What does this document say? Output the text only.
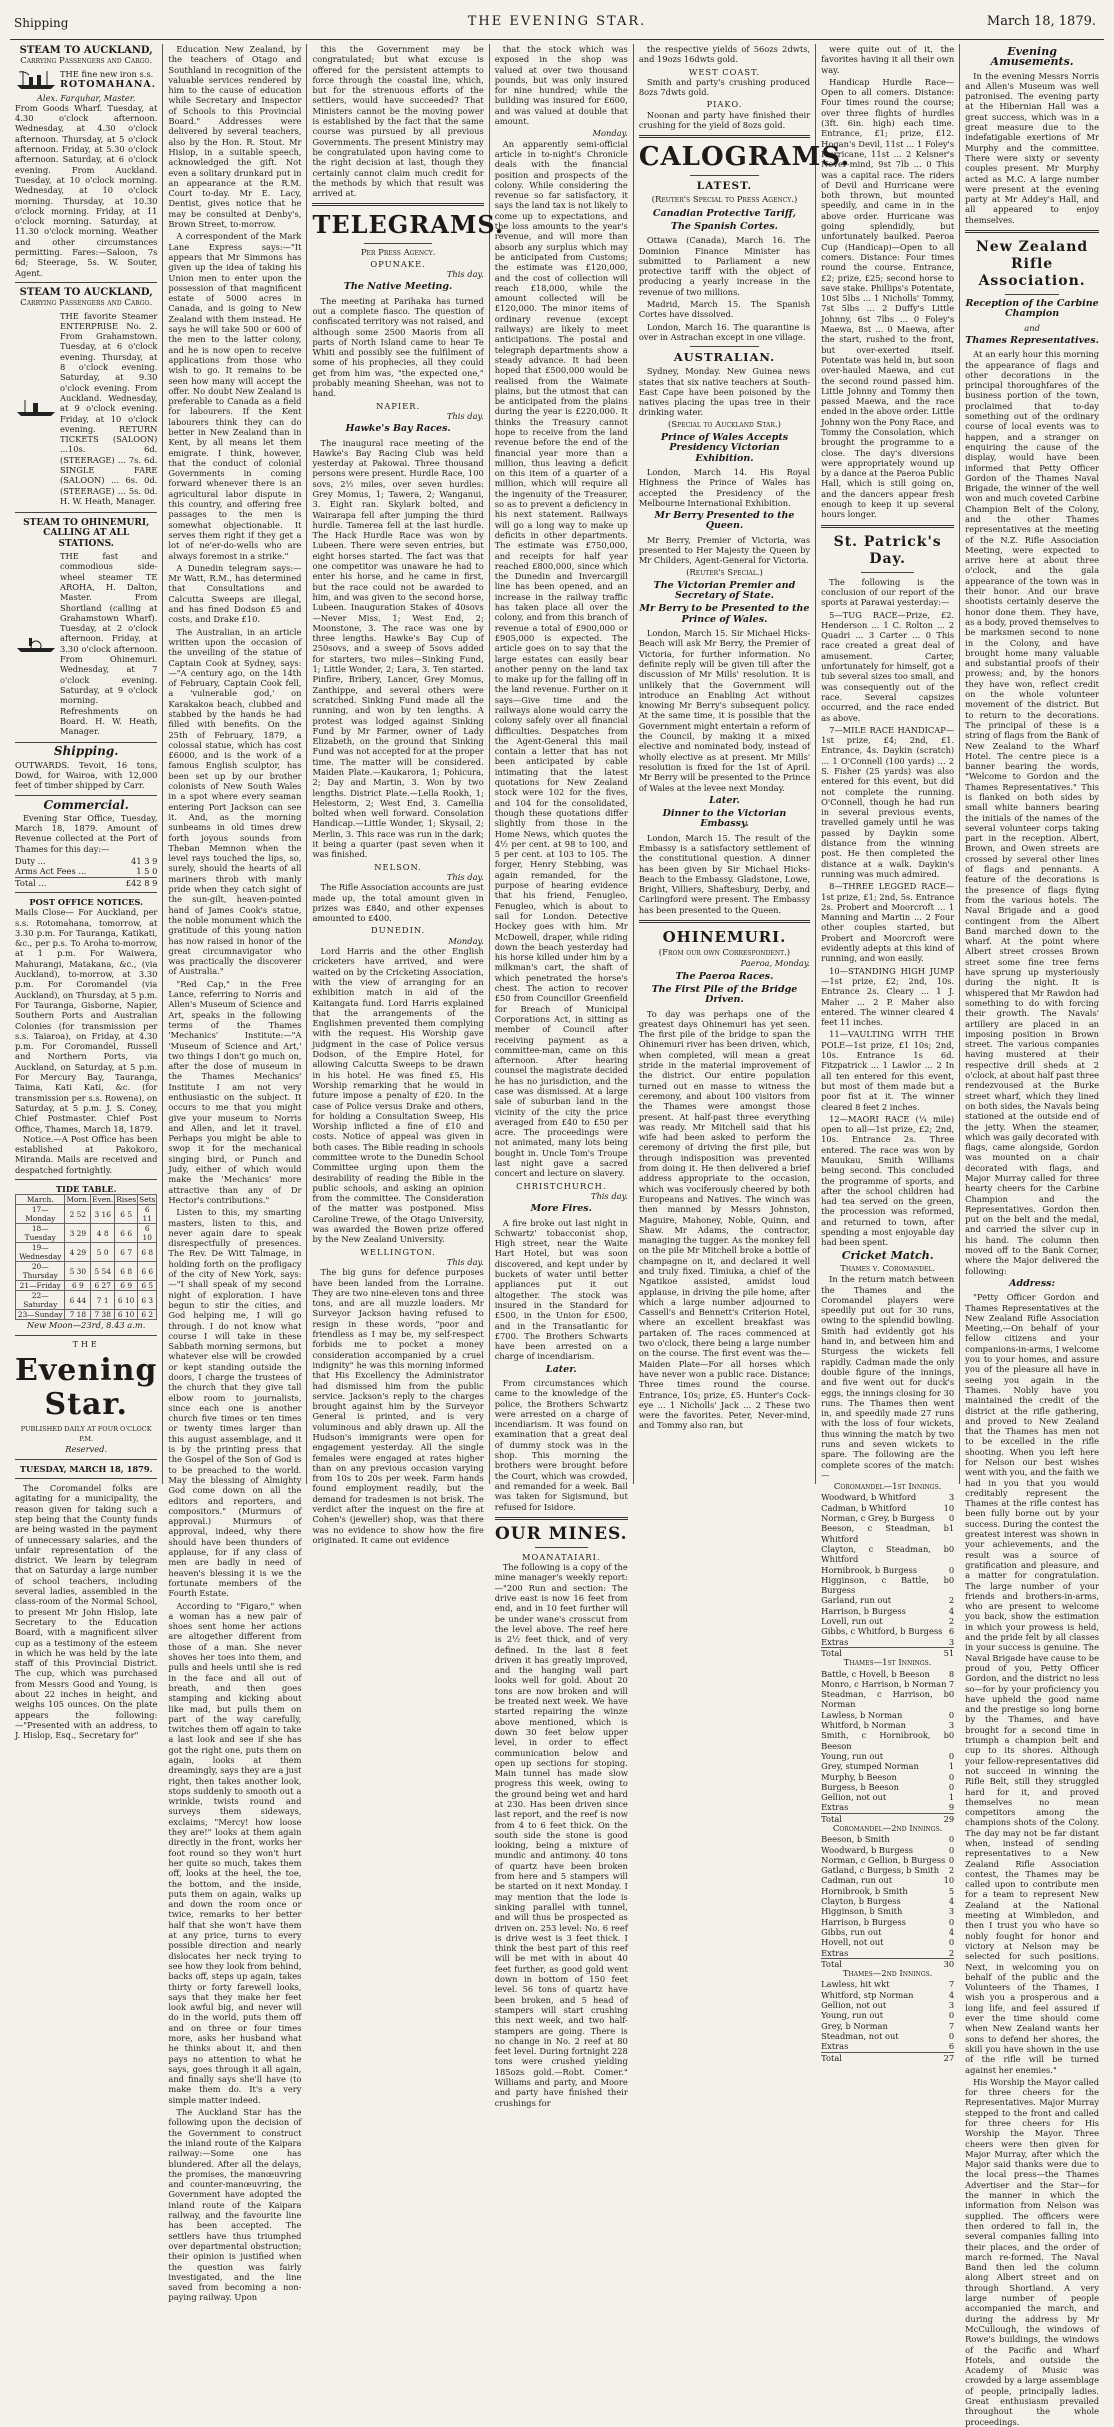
Shipping	THE EVENING STAR.	March 18, 1879.
STEAM TO AUCKLAND,
Carrying Passengers and Cargo.
THE fine new iron s.s.
ROTOMAHANA.
Alex. Farquhar, Master.
From Goods Wharf. Tuesday, at 4.30 o'clock afternoon. Wednesday, at 4.30 o'clock afternoon. Thursday, at 5 o'clock afternoon. Friday, at 5.30 o'clock afternoon. Saturday, at 6 o'clock evening. From Auckland. Tuesday, at 10 o'clock morning. Wednesday, at 10 o'clock morning. Thursday, at 10.30 o'clock morning. Friday, at 11 o'clock morning. Saturday, at 11.30 o'clock morning. Weather and other circumstances permitting. Fares:—Saloon, 7s 6d; Steerage, 5s. W. Souter, Agent.
STEAM TO AUCKLAND,
Carrying Passengers and Cargo.
THE favorite Steamer ENTERPRISE No. 2. From Grahamstown. Tuesday, at 6 o'clock evening. Thursday, at 8 o'clock evening. Saturday, at 9.30 o'clock evening. From Auckland. Wednesday, at 9 o'clock evening. Friday, at 10 o'clock evening. RETURN TICKETS (SALOON) ...10s. 6d. (STEERAGE) ... 7s. 6d. SINGLE FARE (SALOON) ... 6s. 0d. (STEERAGE) ... 5s. 0d. H. W. Heath, Manager.
STEAM TO OHINEMURI, CALLING AT ALL STATIONS.
THE fast and commodious side-wheel steamer TE AROHA, H. Dalton, Master. From Shortland (calling at Grahamstown Wharf). Tuesday, at 2 o'clock afternoon. Friday, at 3.30 o'clock afternoon. From Ohinemuri. Wednesday, at 7 o'clock evening. Saturday, at 9 o'clock morning. Refreshments on Board. H. W. Heath, Manager.
Shipping.
OUTWARDS. Tevoit, 16 tons, Dowd, for Wairoa, with 12,000 feet of timber shipped by Carr.
Commercial.

Evening Star Office, Tuesday, March 18, 1879. Amount of Revenue collected at the Port of Thames for this day:—

Duty ...	41 3 9
Arms Act Fees ...	1 5 0
Total ...	£42 8 9
POST OFFICE NOTICES.
Mails Close— For Auckland, per s.s. Rotomahana, tomorrow, at 3.30 p.m. For Tauranga, Katikati, &c., per p.s. To Aroha to-morrow, at 1 p.m. For Waiwera, Mahurangi, Matakana, &c., (via Auckland), to-morrow, at 3.30 p.m. For Coromandel (via Auckland), on Thursday, at 5 p.m. For Tauranga, Gisborne, Napier, Southern Ports and Australian Colonies (for transmission per s.s. Taiaroa), on Friday, at 4.30 p.m. For Coromandel, Russell and Northern Ports, via Auckland, on Saturday, at 5 p.m. For Mercury Bay, Tauranga, Taima, Kati Kati, &c. (for transmission per s.s. Rowena), on Saturday, at 5 p.m. J. S. Coney, Chief Postmaster. Chief Post Office, Thames, March 18, 1879.

Notice.—A Post Office has been established at Pakokoro, Miranda. Mails are received and despatched fortnightly.

TIDE TABLE.
March.	Morn.	Even.	Rises	Sets
17—Monday	2 52	3 16	6 5	6 11
18—Tuesday	3 29	4 8	6 6	6 10
19—Wednesday	4 29	5 0	6 7	6 8
20—Thursday	5 30	5 54	6 8	6 6
21—Friday	6 9	6 27	6 9	6 5
22—Saturday	6 44	7 1	6 10	6 3
23—Sunday	7 18	7 38	6 10	6 2
New Moon—23rd, 8.43 a.m.
THE
Evening Star.
PUBLISHED DAILY AT FOUR O'CLOCK P.M.
Reserved.
TUESDAY, MARCH 18, 1879.

The Coromandel folks are agitating for a municipality, the reason given for taking such a step being that the County funds are being wasted in the payment of unnecessary salaries, and the unfair representation of the district. We learn by telegram that on Saturday a large number of school teachers, including several ladies, assembled in the class-room of the Normal School, to present Mr John Hislop, late Secretary to the Education Board, with a magnificent silver cup as a testimony of the esteem in which he was held by the late staff of this Provincial District. The cup, which was purchased from Messrs Good and Young, is about 22 inches in height, and weighs 105 ounces. On the plate appears the following:—"Presented with an address, to J. Hislop, Esq., Secretary for"

Education New Zealand, by the teachers of Otago and Southland in recognition of the valuable services rendered by him to the cause of education while Secretary and Inspector of Schools to this Provincial Board." Addresses were delivered by several teachers, also by the Hon. R. Stout. Mr Hislop, in a suitable speech, acknowledged the gift. Not even a solitary drunkard put in an appearance at the R.M. Court to-day. Mr E. Lacy, Dentist, gives notice that he may be consulted at Denby's, Brown Street, to-morrow.

A correspondent of the Mark Lane Express says:—"It appears that Mr Simmons has given up the idea of taking his Union men to enter upon the possession of that magnificent estate of 5000 acres in Canada, and is going to New Zealand with them instead. He says he will take 500 or 600 of the men to the latter colony, and he is now open to receive applications from those who wish to go. It remains to be seen how many will accept the offer. No doubt New Zealand is preferable to Canada as a field for labourers. If the Kent labourers think they can do better in New Zealand than in Kent, by all means let them emigrate. I think, however, that the conduct of colonial Governments in coming forward whenever there is an agricultural labor dispute in this country, and offering free passages to the men is somewhat objectionable. It serves them right if they get a lot of ne'er-do-wells who are always foremost in a strike."

A Dunedin telegram says:—Mr Watt, R.M., has determined that Consultations and Calcutta Sweeps are illegal, and has fined Dodson £5 and costs, and Drake £10.

The Australian, in an article written upon the occasion of the unveiling of the statue of Captain Cook at Sydney, says:—"A century ago, on the 14th of February, Captain Cook fell, a 'vulnerable god,' on Karakakoa beach, clubbed and stabbed by the hands he had filled with benefits. On the 25th of February, 1879, a colossal statue, which has cost £6000, and is the work of a famous English sculptor, has been set up by our brother colonists of New South Wales in a spot where every seaman entering Port Jackson can see it. And, as the morning sunbeams in old times drew forth joyous sounds from Theban Memnon when the level rays touched the lips, so, surely, should the hearts of all mariners throb with manly pride when they catch sight of the sun-gilt, heaven-pointed hand of James Cook's statue, the noble monument which the gratitude of this young nation has now raised in honor of the great circumnavigator who was practically the discoverer of Australia."

"Red Cap," in the Free Lance, referring to Norris and Allen's Museum of Science and Art, speaks in the following terms of the Thames 'Mechanics' Institute:—"A 'Museum of Science and Art,' two things I don't go much on, after the dose of museum in the Thames Mechanics' Institute I am not very enthusiastic on the subject. It occurs to me that you might give your museum to Norris and Allen, and let it travel. Perhaps you might be able to swop it for the mechanical singing bird, or Punch and Judy, either of which would make the 'Mechanics' more attractive than any of Dr Hector's contributions."

Listen to this, my smarting masters, listen to this, and never again dare to speak disrespectfully of presences. The Rev. De Witt Talmage, in holding forth on the profligacy of the city of New York, says:—"I shall speak of my second night of exploration. I have begun to stir the cities, and God helping me, I will go through. I do not know what course I will take in these Sabbath morning sermons, but whatever else will be crowded or kept standing outside the doors, I charge the trustees of the church that they give tall elbow room to journalists, since each one is another church five times or ten times or twenty times larger than this august assemblage, and it is by the printing press that the Gospel of the Son of God is to be preached to the world. May the blessing of Almighty God come down on all the editors and reporters, and compositors." (Murmurs of approval.) Murmurs of approval, indeed, why there should have been thunders of applause, for if any class of men are badly in need of heaven's blessing it is we the fortunate members of the Fourth Estate.

According to "Figaro," when a woman has a new pair of shoes sent home her actions are altogether different from those of a man. She never shoves her toes into them, and pulls and heels until she is red in the face and all out of breath, and then goes stamping and kicking about like mad, but pulls them on part of the way carefully, twitches them off again to take a last look and see if she has got the right one, puts them on again, looks at them dreamingly, says they are a just right, then takes another look, stops suddenly to smooth out a wrinkle, twists round and surveys them sideways, exclaims, "Mercy! how loose they are!" looks at them again directly in the front, works her foot round so they won't hurt her quite so much, takes them off, looks at the heel, the toe, the bottom, and the inside, puts them on again, walks up and down the room once or twice, remarks to her better half that she won't have them at any price, turns to every possible direction and nearly dislocates her neck trying to see how they look from behind, backs off, steps up again, takes thirty or forty farewell looks, says that they make her feet look awful big, and never will do in the world, puts them off and on three or four times more, asks her husband what he thinks about it, and then pays no attention to what he says, goes through it all again, and finally says she'll have (to make them do. It's a very simple matter indeed.

The Auckland Star has the following upon the decision of the Government to construct the inland route of the Kaipara railway:—Some one has blundered. After all the delays, the promises, the manœuvring and counter-manœuvring, the Government have adopted the inland route of the Kaipara railway, and the favourite line has been accepted. The settlers have thus triumphed over departmental obstruction; their opinion is justified when the question was fairly investigated, and the line saved from becoming a non-paying railway. Upon

this the Government may be congratulated; but what excuse is offered for the persistent attempts to force through the coastal line, which, but for the strenuous efforts of the settlers, would have succeeded? That Ministers cannot be the moving power is established by the fact that the same course was pursued by all previous Governments. The present Ministry may be congratulated upon having come to the right decision at last, though they certainly cannot claim much credit for the methods by which that result was arrived at.

TELEGRAMS.
Per Press Agency.
OPUNAKE.
This day.
The Native Meeting.

The meeting at Parihaka has turned out a complete fiasco. The question of confiscated territory was not raised, and although some 2500 Maoris from all parts of North Island came to hear Te Whiti and possibly see the fulfilment of some of his prophecies, all they could get from him was, "the expected one," probably meaning Sheehan, was not to hand.

NAPIER.
This day.
Hawke's Bay Races.

The inaugural race meeting of the Hawke's Bay Racing Club was held yesterday at Pakowai. Three thousand persons were present. Hurdle Race, 100 sovs, 2½ miles, over seven hurdles: Grey Momus, 1; Tawera, 2; Wanganui, 3. Eight ran. Skylark bolted, and Wairarapa fell after jumping the third hurdle. Tamerea fell at the last hurdle. The Hack Hurdle Race was won by Lubeen. There were seven entries, but eight horses started. The fact was that one competitor was unaware he had to enter his horse, and he came in first, but the race could not be awarded to him, and was given to the second horse, Lubeen. Inauguration Stakes of 40sovs—Never Miss, 1; West End, 2; Moonstone, 3. The race was one by three lengths. Hawke's Bay Cup of 250sovs, and a sweep of 5sovs added for starters, two miles—Sinking Fund, 1; Little Wonder, 2; Lara, 3. Ten started. Pinfire, Bribery, Lancer, Grey Momus, Zanthippe, and several others were scratched. Sinking Fund made all the running, and won by ten lengths. A protest was lodged against Sinking Fund by Mr Farmer, owner of Lady Elizabeth, on the ground that Sinking Fund was not accepted for at the proper time. The matter will be considered. Maiden Plate.—Kaukarora, 1; Pohicura, 2; Day and Martin, 3. Won by two lengths. District Plate.—Lella Rookh, 1; Helestorm, 2; West End, 3. Camellia bolted when well forward. Consolation Handicap.—Little Wonder, 1; Skysail, 2; Merlin, 3. This race was run in the dark; it being a quarter (past seven when it was finished.

NELSON.
This day.

The Rifle Association accounts are just made up, the total amount given in prizes was £840, and other expenses amounted to £400.

DUNEDIN.
Monday.

Lord Harris and the other English cricketers have arrived, and were waited on by the Cricketing Association, with the view of arranging for an exhibition match in aid of the Kaitangata fund. Lord Harris explained that the arrangements of the Englishmen prevented them complying with the request. His Worship gave judgment in the case of Police versus Dodson, of the Empire Hotel, for allowing Calcutta Sweeps to be drawn in his hotel. He was fined £5, His Worship remarking that he would in future impose a penalty of £20. In the case of Police versus Drake and others, for holding a Consultation Sweep, His Worship inflicted a fine of £10 and costs. Notice of appeal was given in both cases. The Bible reading in schools committee wrote to the Dunedin School Committee urging upon them the desirability of reading the Bible in the public schools, and asking an opinion from the committee. The Consideration of the matter was postponed. Miss Caroline Trewe, of the Otago University, was awarded the Bowen prize offered by the New Zealand University.

WELLINGTON.
This day.

The big guns for defence purposes have been landed from the Lorraine. They are two nine-eleven tons and three tons, and are all muzzle loaders. Mr Surveyor Jackson having refused to resign in these words, "poor and friendless as I may be, my self-respect forbids me to pocket a money consideration accompanied by a cruel indignity" he was this morning informed that His Excellency the Administrator had dismissed him from the public service. Jackson's reply to the charges brought against him by the Surveyor General is printed, and is very voluminous and ably drawn up. All the Hudson's immigrants were open for engagement yesterday. All the single females were engaged at rates higher than on any previous occasion varying from 10s to 20s per week. Farm hands found employment readily, but the demand for tradesmen is not brisk. The verdict after the inquest on the fire at Cohen's (jeweller) shop, was that there was no evidence to show how the fire originated. It came out evidence

that the stock which was exposed in the shop was valued at over two thousand pounds, but was only insured for nine hundred; while the building was insured for £600, and was valued at double that amount.

Monday.

An apparently semi-official article in to-night's Chronicle deals with the financial position and prospects of the colony. While considering the revenue so far satisfactory, it says the land tax is not likely to come up to expectations, and the loss amounts to the year's revenue, and will more than absorb any surplus which may be anticipated from Customs; the estimate was £120,000, and the cost of collection will reach £18,000, while the amount collected will be £120,000. The minor items of ordinary revenue (except railways) are likely to meet anticipations. The postal and telegraph departments show a steady advance. It had been hoped that £500,000 would be realised from the Waimate plains, but the utmost that can be anticipated from the plains during the year is £220,000. It thinks the Treasury cannot hope to receive from the land revenue before the end of the financial year more than a million, thus leaving a deficit on this item of a quarter of a million, which will require all the ingenuity of the Treasurer, so as to prevent a deficiency in his next statement. Railways will go a long way to make up deficits in other departments. The estimate was £750,000, and receipts for half year reached £800,000, since which the Dunedin and Invercargill line has been opened, and an increase in the railway traffic has taken place all over the colony, and from this branch of revenue a total of £900,000 or £905,000 is expected. The article goes on to say that the large estates can easily bear another penny on the land tax to make up for the falling off in the land revenue. Further on it says—Give time and the railways alone would carry the colony safely over all financial difficulties. Despatches from the Agent-General this mail contain a letter that has not been anticipated by cable intimating that the latest quotations for New Zealand stock were 102 for the fives, and 104 for the consolidated, though these quotations differ slightly from those in the Home News, which quotes the 4½ per cent. at 98 to 100, and 5 per cent. at 103 to 105. The forger, Henry Stebbing, was again remanded, for the purpose of hearing evidence that his friend, Fenugleo, Fenugleo, which is about to sail for London. Detective Hockey goes with him. Mr McDowell, draper, while riding down the beach yesterday had his horse killed under him by a milkman's cart, the shaft of which penetrated the horse's chest. The action to recover £50 from Councillor Greenfield for Breach of Municipal Corporations Act, in sitting as member of Council after receiving payment as a committee-man, came on this afternoon. After hearing counsel the magistrate decided he has no jurisdiction, and the case was dismissed. At a large sale of suburban land in the vicinity of the city the price averaged from £40 to £50 per acre. The proceedings were not animated, many lots being bought in. Uncle Tom's Troupe last night gave a sacred concert and lecture on slavery.

CHRISTCHURCH.
This day.
More Fires.

A fire broke out last night in Schwartz' tobacconist shop, High street, near the Waite Hart Hotel, but was soon discovered, and kept under by buckets of water until better appliances put it out altogether. The stock was insured in the Standard for £500, in the Union for £500, and in the Transatlantic for £700. The Brothers Schwarts have been arrested on a charge of incendiarism.

Later.

From circumstances which came to the knowledge of the police, the Brothers Schwartz were arrested on a charge of incendiarism. It was found on examination that a great deal of dummy stock was in the shop. This morning the brothers were brought before the Court, which was crowded, and remanded for a week. Bail was taken for Sigismund, but refused for Isidore.

OUR MINES.
MOANATAIARI.

The following is a copy of the mine manager's weekly report:—"200 Run and section: The drive east is now 16 feet from end, and in 10 feet further will be under wane's crosscut from the level above. The reef here is 2½ feet thick, and of very defined. In the last 8 feet driven it has greatly improved, and the hanging wall part looks well for gold. About 20 tons are now broken and will be treated next week. We have started repairing the winze above mentioned, which is down 30 feet below upper level, in order to effect communication below and open up sections for stoping. Main tunnel has made slow progress this week, owing to the ground being wet and hard at 230. Has been driven since last report, and the reef is now from 4 to 6 feet thick. On the south side the stone is good looking, being a mixture of mundic and antimony. 40 tons of quartz have been broken from here and 5 stampers will be started on it next Monday. I may mention that the lode is sinking parallel with tunnel, and will thus be prospected as driven on. 253 level: No. 6 reef is drive west is 3 feet thick. I think the best part of this reef will be met with in about 40 feet further, as good gold went down in bottom of 150 feet level. 56 tons of quartz have been broken, and 5 head of stampers will start crushing this next week, and two half-stampers are going. There is no change in No. 2 reef at 80 feet level. During fortnight 228 tons were crushed yielding 185ozs gold.—Robt. Comer." Williams and party, and Moore and party have finished their crushings for

the respective yields of 56ozs 2dwts, and 19ozs 16dwts gold.

WEST COAST.

Smith and party's crushing produced 8ozs 7dwts gold.

PIAKO.

Noonan and party have finished their crushing for the yield of 8ozs gold.

CALOGRAMS.
LATEST.
(Reuter's Special to Press Agency.)
Canadian Protective Tariff,
The Spanish Cortes.

Ottawa (Canada), March 16. The Dominion Finance Minister has submitted to Parliament a new protective tariff with the object of producing a yearly increase in the revenue of two millions.

Madrid, March 15. The Spanish Cortes have dissolved.

London, March 16. The quarantine is over in Astrachan except in one village.

AUSTRALIAN.

Sydney, Monday. New Guinea news states that six native teachers at South-East Cape have been poisoned by the natives placing the upas tree in their drinking water.

(Special to Auckland Star.)
Prince of Wales Accepts Presidency Victorian Exhibition.

London, March 14. His Royal Highness the Prince of Wales has accepted the Presidency of the Melbourne International Exhibition.

Mr Berry Presented to the Queen.

Mr Berry, Premier of Victoria, was presented to Her Majesty the Queen by Mr Childers, Agent-General for Victoria.

(Reuter's Special.)
The Victorian Premier and Secretary of State.
Mr Berry to be Presented to the Prince of Wales.

London, March 15. Sir Michael Hicks-Beach will ask Mr Berry, the Premier of Victoria, for further information. No definite reply will be given till after the discussion of Mr Mills' resolution. It is unlikely that the Government will introduce an Enabling Act without knowing Mr Berry's subsequent policy. At the same time, it is possible that the Government might entertain a reform of the Council, by making it a mixed elective and nominated body, instead of wholly elective as at present. Mr Mills' resolution is fixed for the 1st of April. Mr Berry will be presented to the Prince of Wales at the levee next Monday.

Later.
Dinner to the Victorian Embassy.

London, March 15. The result of the Embassy is a satisfactory settlement of the constitutional question. A dinner has been given by Sir Michael Hicks-Beach to the Embassy. Gladstone, Lowe, Bright, Villiers, Shaftesbury, Derby, and Carlingford were present. The Embassy has been presented to the Queen.

OHINEMURI.
(From our own Correspondent.)
Paeroa, Monday.
The Paeroa Races.
The First Pile of the Bridge Driven.

To day was perhaps one of the greatest days Ohinemuri has yet seen. The first pile of the bridge to span the Ohinemuri river has been driven, which, when completed, will mean a great stride in the material improvement of the district. Our entire population turned out en masse to witness the ceremony, and about 100 visitors from the Thames were amongst those present. At half-past three everything was ready. Mr Mitchell said that his wife had been asked to perform the ceremony of driving the first pile, but through indisposition was prevented from doing it. He then delivered a brief address appropriate to the occasion, which was vociferously cheered by both Europeans and Natives. The winch was then manned by Messrs Johnston, Maguire, Mahoney, Noble, Quinn, and Shaw. Mr Adams, the contractor, managing the tugger. As the monkey fell on the pile Mr Mitchell broke a bottle of champagne on it, and declared it well and truly fixed. Timiuka, a chief of the Ngatikoe assisted, amidst loud applause, in driving the pile home, after which a large number adjourned to Cassell's and Bennett's Criterion Hotel, where an excellent breakfast was partaken of. The races commenced at two o'clock, there being a large number on the course. The first event was the— Maiden Plate—For all horses which have never won a public race. Distance: Three times round the course. Entrance, 10s; prize, £5. Hunter's Cock-eye ... 1 Nicholls' Jack ... 2 These two were the favorites. Peter, Never-mind, and Tommy also ran, but

were quite out of it, the favorites having it all their own way.

Handicap Hurdle Race—Open to all comers. Distance: Four times round the course; over three flights of hurdles (3ft. 6in. high) each time. Entrance, £1; prize, £12. Hogan's Devil, 11st ... 1 Foley's Hurricane, 11st ... 2 Kelsner's Never-mind, 9st 7lb ... 0 This was a capital race. The riders of Devil and Hurricane were both thrown, but mounted speedily, and came in in the above order. Hurricane was going splendidly, but unfortunately baulked. Paeroa Cup (Handicap)—Open to all comers. Distance: Four times round the course. Entrance, £2; prize, £25; second horse to save stake. Phillips's Potentate, 10st 5lbs ... 1 Nicholls' Tommy, 7st 5lbs ... 2 Duffy's Little Johnny, 6st 7lbs ... 0 Foley's Maewa, 8st ... 0 Maewa, after the start, rushed to the front, but over-exerted itself. Potentate was held in, but soon over-hauled Maewa, and cut the second round passed him. Little Johnny and Tommy then passed Maewa, and the race ended in the above order. Little Johnny won the Pony Race, and Tommy the Consolation, which brought the programme to a close. The day's diversions were appropriately wound up by a dance at the Paeroa Public Hall, which is still going on, and the dancers appear fresh enough to keep it up several hours longer.

St. Patrick's Day.

The following is the conclusion of our report of the sports at Parawai yesterday:—

5—TUG RACE—Prize, £2. Henderson ... 1 C. Rolton ... 2 Quadri ... 3 Carter ... 0 This race created a great deal of amusement. Carter, unfortunately for himself, got a tub several sizes too small, and was consequently out of the race. Several capsizes occurred, and the race ended as above.

7—MILE RACE HANDICAP—1st prize, £4; 2nd, £1. Entrance, 4s. Daykin (scratch) ... 1 O'Connell (100 yards) ... 2 S. Fisher (25 yards) was also entered for this event, but did not complete the running. O'Connell, though he had run in several previous events, travelled gamely until he was passed by Daykin some distance from the winning post. He then completed the distance at a walk. Daykin's running was much admired.

8—THREE LEGGED RACE—1st prize, £1; 2nd, 5s. Entrance 2s. Probert and Moorcroft ... 1 Manning and Martin ... 2 Four other couples started, but Probert and Moorcroft were evidently adepts at this kind of running, and won easily.

10—STANDING HIGH JUMP—1st prize, £2; 2nd, 10s. Entrance 2s. Cleary ... 1 J. Maher ... 2 P. Maher also entered. The winner cleared 4 feet 11 inches.

11—VAULTING WITH THE POLE—1st prize, £1 10s; 2nd, 10s. Entrance 1s 6d. Fitzpatrick ... 1 Lawlor ... 2 In all ten entered for this event, but most of them made but a poor fist at it. The winner cleared 8 feet 2 inches.

12—MAORI RACE (¼ mile) open to all—1st prize, £2; 2nd, 10s. Entrance 2s. Three entered. The race was won by Mauukau, Smith Williams being second. This concluded the programme of sports, and after the school children had had tea served on the green, the procession was reformed, and returned to town, after spending a most enjoyable day had been spent.

Cricket Match.
Thames v. Coromandel.

In the return match between the Thames and the Coromandel players were speedily put out for 30 runs, owing to the splendid bowling. Smith had evidently got his hand in, and between him and Sturgess the wickets fell rapidly. Cadman made the only double figure of the innings, and five went out for duck's eggs, the innings closing for 30 runs. The Thames then went in, and speedily made 27 runs with the loss of four wickets, thus winning the match by two runs and seven wickets to spare. The following are the complete scores of the match:—

Coromandel—1st Innings.
Woodward, b Whitford	3
Cadman, b Whitford	10
Norman, c Grey, b Burgess 0
Beeson, c Steadman, b Whitford
1
Clayton, c Steadman, b Whitford
0
Hornibrook, b Burgess	0
Higginson, c Battle, b Burgess
0
Garland, run out	2
Harrison, b Burgess	4
Lovell, run out	2
Gibbs, c Whitford, b Burgess 6
Extras	3
Total	51
Thames—1st Innings.
Battle, c Hovell, b Beeson 8
Monro, c Harrison, b Norman 7
Steadman, c Harrison, b Norman
0
Lawless, b Norman	0
Whitford, b Norman	3
Smith, c Hornibrook, b Beeson
0
Young, run out	0
Grey, stumped Norman	1
Murphy, b Beeson	0
Burgess, b Beeson	0
Gellion, not out	1
Extras	9
Total	29
Coromandel—2nd Innings.
Beeson, b Smith	0
Woodward, b Burgess	0
Norman, c Gellion, b Burgess 0
Gatland, c Burgess, b Smith 2
Cadman, run out	10
Hornibrook, b Smith	5
Clayton, b Burgess	4
Higginson, b Smith	3
Harrison, b Burgess	0
Gibbs, run out	4
Hovell, not out	0
Extras	2
Total	30
Thames—2nd Innings.
Lawless, hit wkt	7
Whitford, stp Norman	4
Gellion, not out	3
Young, run out	0
Grey, b Norman	7
Steadman, not out	0
Extras	6
Total	27
Evening Amusements.

In the evening Messrs Norris and Allen's Museum was well patronised. The evening party at the Hibernian Hall was a great success, which was in a great measure due to the indefatigable exertions of Mr Murphy and the committee. There were sixty or seventy couples present. Mr Murphy acted as M.C. A large number were present at the evening party at Mr Addey's Hall, and all appeared to enjoy themselves.

New Zealand Rifle Association.
Reception of the Carbine Champion
and
Thames Representatives.

At an early hour this morning the appearance of flags and other decorations in the principal thoroughfares of the business portion of the town, proclaimed that to-day something out of the ordinary course of local events was to happen, and a stranger on enquiring the cause of the display, would have been informed that Petty Officer Gordon of the Thames Naval Brigade, the winner of the well won and much coveted Carbine Champion Belt of the Colony, and the other Thames representatives at the meeting of the N.Z. Rifle Association Meeting, were expected to arrive here at about three o'clock, and the gala appearance of the town was in their honor. And our brave shootists certainly deserve the honor done them. They have, as a body, proved themselves to be marksmen second to none in the Colony, and have brought home many valuable and substantial proofs of their prowess; and, by the honors they have won, reflect credit on the whole volunteer movement of the district. But to return to the decorations. The principal of these is a string of flags from the Bank of New Zealand to the Wharf Hotel. The centre piece is a banner bearing the words, "Welcome to Gordon and the Thames Representatives." This is flanked on both sides by small white banners bearing the initials of the names of the several volunteer corps taking part in the reception. Albert, Brown, and Owen streets are crossed by several other lines of flags and pennants. A feature of the decorations is the presence of flags flying from the various hotels. The Naval Brigade and a good contingent from the Albert Band marched down to the wharf. At the point where Albert street crosses Brown street some fine tree ferns have sprung up mysteriously during the night. It is whispered that Mr Rawdon had something to do with forcing their growth. The Navals' artillery are placed in an imposing position in Brown street. The various companies having mustered at their respective drill sheds at 2 o'clock, at about half past three rendezvoused at the Burke street wharf, which they lined on both sides, the Navals being stationed at the outside end of the jetty. When the steamer, which was gaily decorated with flags, came alongside, Gordon was mounted on a chair decorated with flags, and Major Murray called for three hearty cheers for the Carbine Champion and the Representatives. Gordon then put on the belt and the medal, and carried the silver cup in his hand. The column then moved off to the Bank Corner, where the Major delivered the following:

Address:

"Petty Officer Gordon and Thames Representatives at the New Zealand Rifle Association Meeting,—On behalf of your fellow citizens and your companions-in-arms, I welcome you to your homes, and assure you of the pleasure all have in seeing you again in the Thames. Nobly have you maintained the credit of the district at the rifle gathering, and proved to New Zealand that the Thames has men not to be excelled in the rifle shooting. When you left here for Nelson our best wishes went with you, and the faith we had in you that you would creditably represent the Thames at the rifle contest has been fully borne out by your success. During the contest the greatest interest was shown in your achievements, and the result was a source of gratification and pleasure, and a matter for congratulation. The large number of your friends and brothers-in-arms, who are present to welcome you back, show the estimation in which your prowess is held, and the pride felt by all classes in your success is genuine. The Naval Brigade have cause to be proud of you, Petty Officer Gordon, and the district no less so—for by your proficiency you have upheld the good name and the prestige so long borne by the Thames, and have brought for a second time in triumph a champion belt and cup to its shores. Although your fellow-representatives did not succeed in winning the Rifle Belt, still they struggled hard for it, and proved themselves no mean competitors among the champions shots of the Colony. The day may not be far distant when, instead of sending representatives to a New Zealand Rifle Association contest, the Thames may be called upon to contribute men for a team to represent New Zealand at the National meeting at Wimbledon, and then I trust you who have so nobly fought for honor and victory at Nelson may be selected for such positions. Next, in welcoming you on behalf of the public and the Volunteers of the Thames, I wish you a prosperous and a long life, and feel assured if ever the time should come when New Zealand wants her sons to defend her shores, the skill you have shown in the use of the rifle will be turned against her enemies."

His Worship the Mayor called for three cheers for the Representatives. Major Murray stepped to the front and called for three cheers for His Worship the Mayor. Three cheers were then given for Major Murray, after which the Major said thanks were due to the local press—the Thames Advertiser and the Star—for the manner in which the information from Nelson was supplied. The officers were then ordered to fall in, the several companies falling into their places, and the order of march re-formed. The Naval Band then led the column along Albert street and on through Shortland. A very large number of people accompanied the march, and during the address by Mr McCullough, the windows of Rowe's buildings, the windows of the Pacific and Wharf Hotels, and outside the Academy of Music was crowded by a large assemblage of people, principally ladies. Great enthusiasm prevailed throughout the whole proceedings.
